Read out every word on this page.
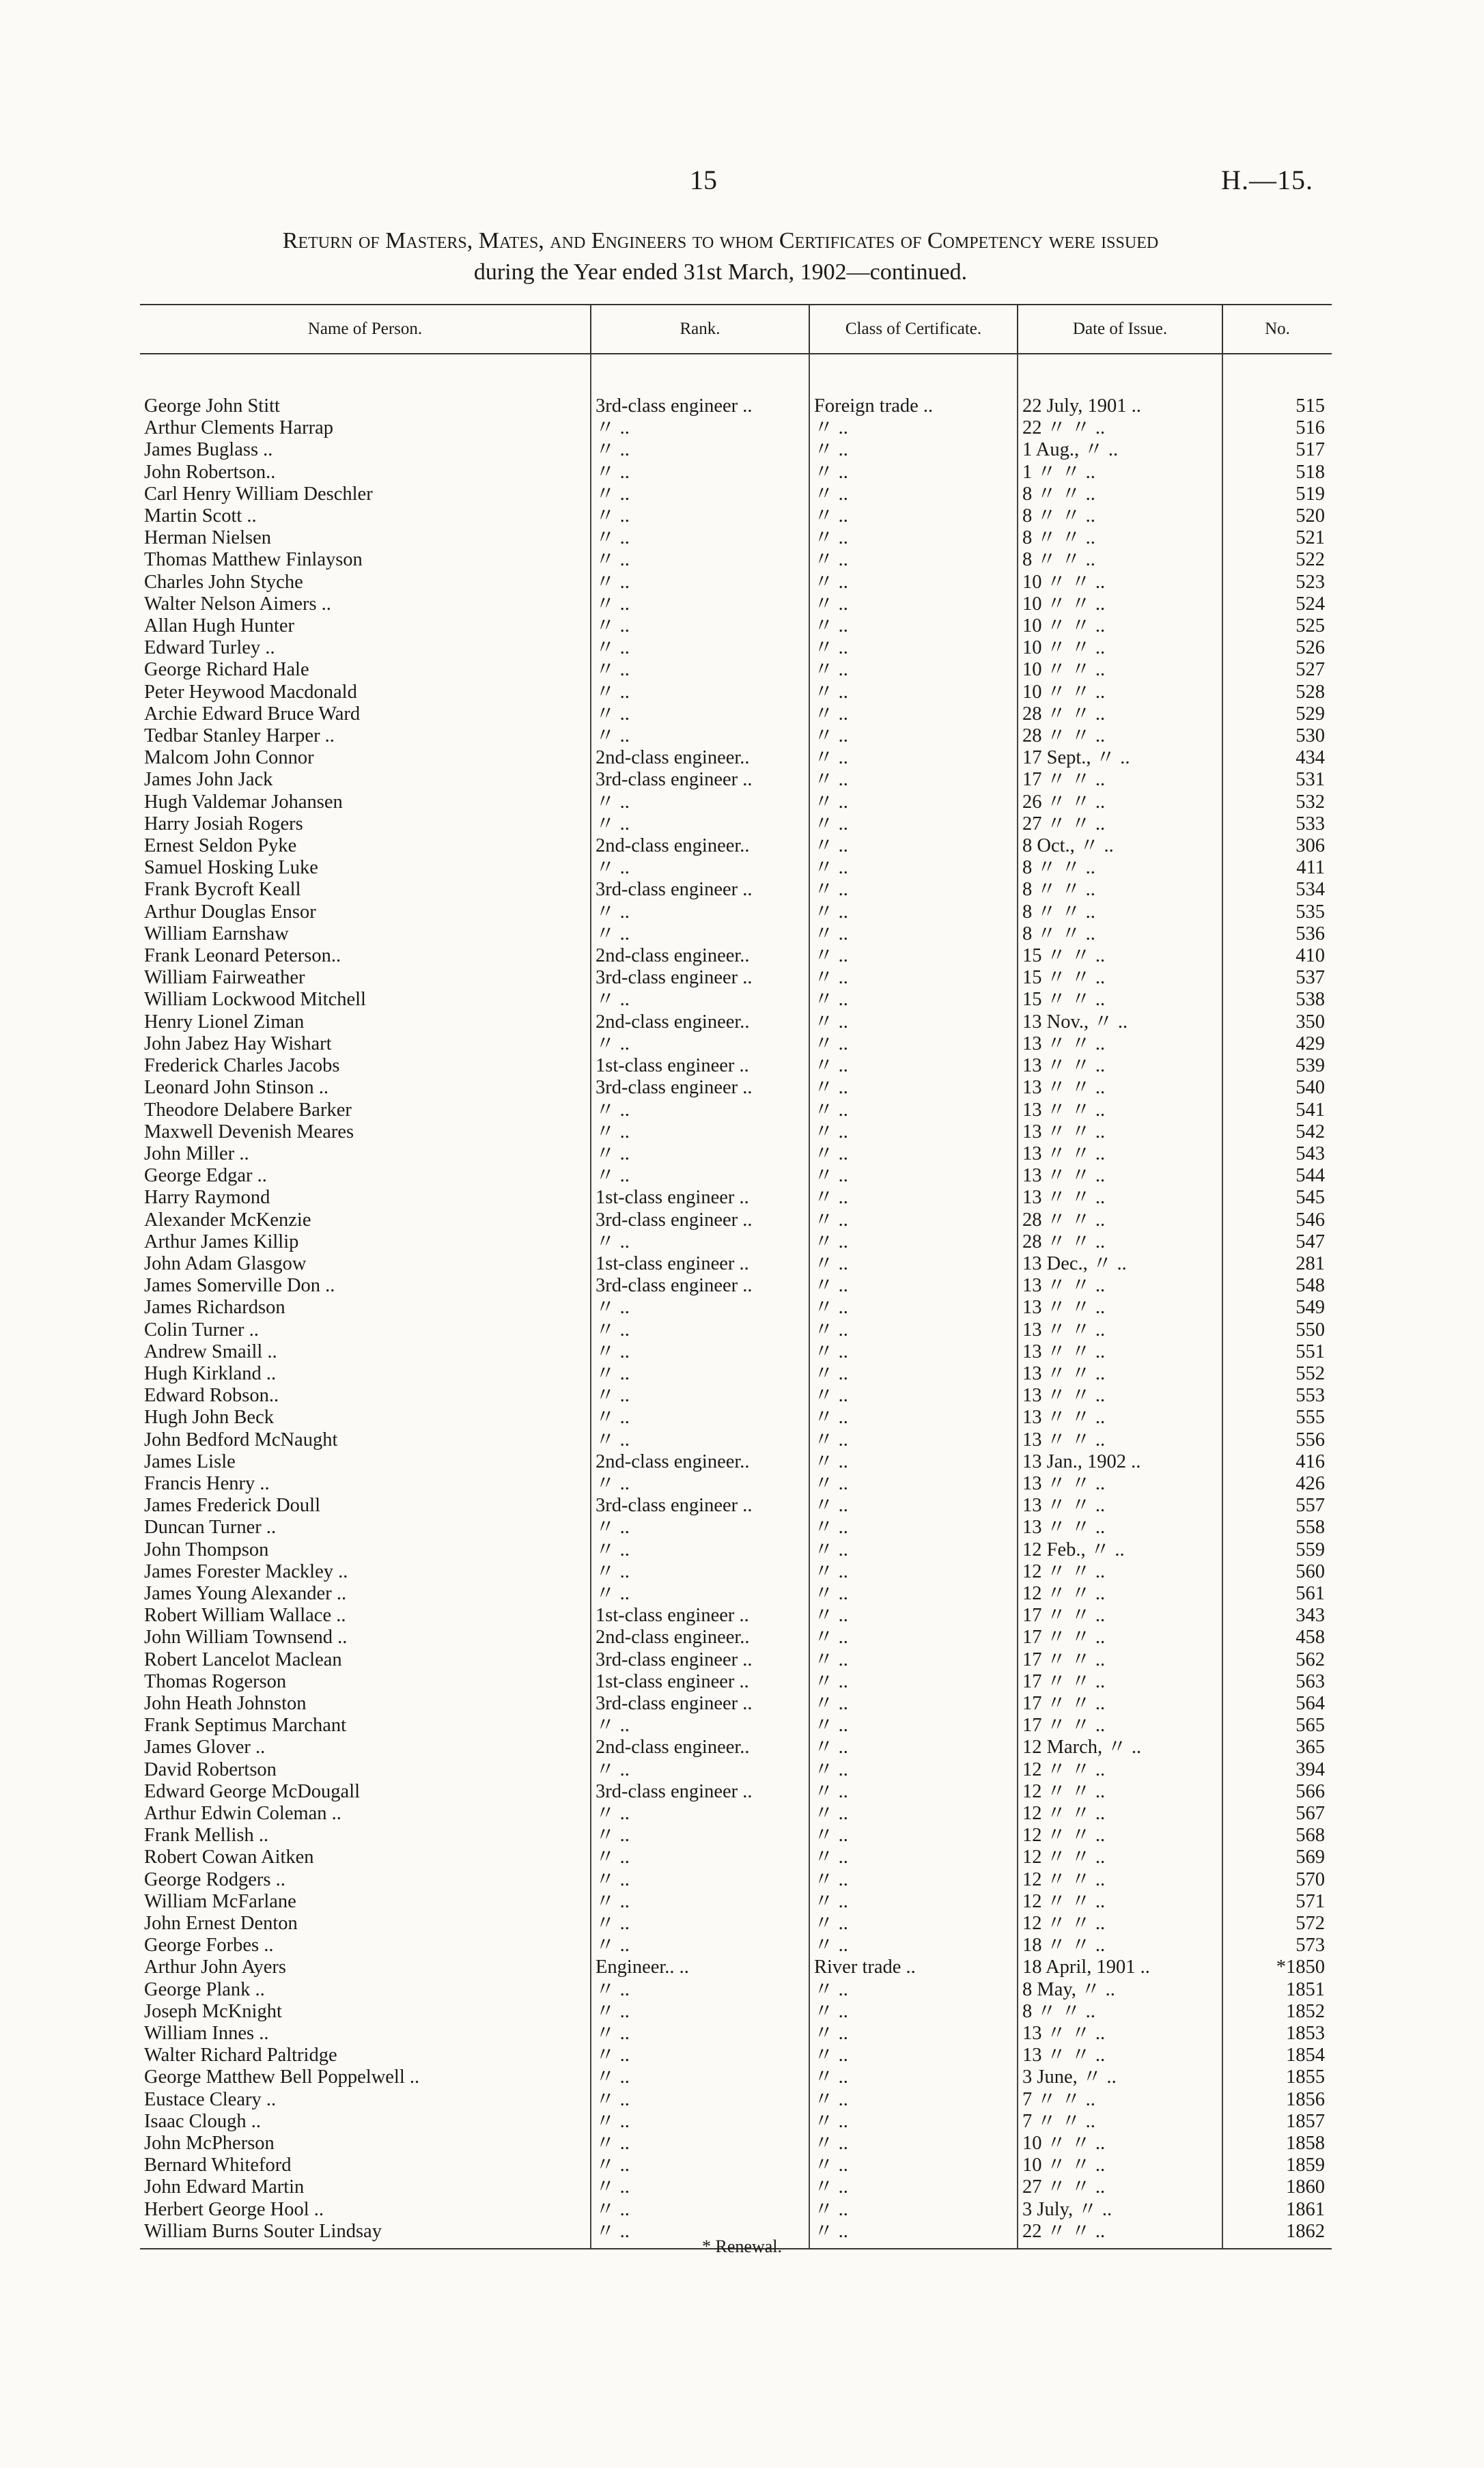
15	H.—15.
Return of Masters, Mates, and Engineers to whom Certificates of Competency were issued
during the Year ended 31st March, 1902—continued.
Name of Person.	Rank.	Class of Certificate.	Date of Issue.	No.

George John Stitt	3rd-class engineer ..	Foreign trade ..	22 July, 1901 ..	515
Arthur Clements Harrap	〃 ..	〃 ..	22 〃 〃 ..	516
James Buglass ..	〃 ..	〃 ..	1 Aug., 〃 ..	517
John Robertson..	〃 ..	〃 ..	1 〃 〃 ..	518
Carl Henry William Deschler	〃 ..	〃 ..	8 〃 〃 ..	519
Martin Scott ..	〃 ..	〃 ..	8 〃 〃 ..	520
Herman Nielsen	〃 ..	〃 ..	8 〃 〃 ..	521
Thomas Matthew Finlayson	〃 ..	〃 ..	8 〃 〃 ..	522
Charles John Styche	〃 ..	〃 ..	10 〃 〃 ..	523
Walter Nelson Aimers ..	〃 ..	〃 ..	10 〃 〃 ..	524
Allan Hugh Hunter	〃 ..	〃 ..	10 〃 〃 ..	525
Edward Turley ..	〃 ..	〃 ..	10 〃 〃 ..	526
George Richard Hale	〃 ..	〃 ..	10 〃 〃 ..	527
Peter Heywood Macdonald	〃 ..	〃 ..	10 〃 〃 ..	528
Archie Edward Bruce Ward	〃 ..	〃 ..	28 〃 〃 ..	529
Tedbar Stanley Harper ..	〃 ..	〃 ..	28 〃 〃 ..	530
Malcom John Connor	2nd-class engineer..	〃 ..	17 Sept., 〃 ..	434
James John Jack	3rd-class engineer ..	〃 ..	17 〃 〃 ..	531
Hugh Valdemar Johansen	〃 ..	〃 ..	26 〃 〃 ..	532
Harry Josiah Rogers	〃 ..	〃 ..	27 〃 〃 ..	533
Ernest Seldon Pyke	2nd-class engineer..	〃 ..	8 Oct., 〃 ..	306
Samuel Hosking Luke	〃 ..	〃 ..	8 〃 〃 ..	411
Frank Bycroft Keall	3rd-class engineer ..	〃 ..	8 〃 〃 ..	534
Arthur Douglas Ensor	〃 ..	〃 ..	8 〃 〃 ..	535
William Earnshaw	〃 ..	〃 ..	8 〃 〃 ..	536
Frank Leonard Peterson..	2nd-class engineer..	〃 ..	15 〃 〃 ..	410
William Fairweather	3rd-class engineer ..	〃 ..	15 〃 〃 ..	537
William Lockwood Mitchell	〃 ..	〃 ..	15 〃 〃 ..	538
Henry Lionel Ziman	2nd-class engineer..	〃 ..	13 Nov., 〃 ..	350
John Jabez Hay Wishart	〃 ..	〃 ..	13 〃 〃 ..	429
Frederick Charles Jacobs	1st-class engineer ..	〃 ..	13 〃 〃 ..	539
Leonard John Stinson ..	3rd-class engineer ..	〃 ..	13 〃 〃 ..	540
Theodore Delabere Barker	〃 ..	〃 ..	13 〃 〃 ..	541
Maxwell Devenish Meares	〃 ..	〃 ..	13 〃 〃 ..	542
John Miller ..	〃 ..	〃 ..	13 〃 〃 ..	543
George Edgar ..	〃 ..	〃 ..	13 〃 〃 ..	544
Harry Raymond	1st-class engineer ..	〃 ..	13 〃 〃 ..	545
Alexander McKenzie	3rd-class engineer ..	〃 ..	28 〃 〃 ..	546
Arthur James Killip	〃 ..	〃 ..	28 〃 〃 ..	547
John Adam Glasgow	1st-class engineer ..	〃 ..	13 Dec., 〃 ..	281
James Somerville Don ..	3rd-class engineer ..	〃 ..	13 〃 〃 ..	548
James Richardson	〃 ..	〃 ..	13 〃 〃 ..	549
Colin Turner ..	〃 ..	〃 ..	13 〃 〃 ..	550
Andrew Smaill ..	〃 ..	〃 ..	13 〃 〃 ..	551
Hugh Kirkland ..	〃 ..	〃 ..	13 〃 〃 ..	552
Edward Robson..	〃 ..	〃 ..	13 〃 〃 ..	553
Hugh John Beck	〃 ..	〃 ..	13 〃 〃 ..	555
John Bedford McNaught	〃 ..	〃 ..	13 〃 〃 ..	556
James Lisle	2nd-class engineer..	〃 ..	13 Jan., 1902 ..	416
Francis Henry ..	〃 ..	〃 ..	13 〃 〃 ..	426
James Frederick Doull	3rd-class engineer ..	〃 ..	13 〃 〃 ..	557
Duncan Turner ..	〃 ..	〃 ..	13 〃 〃 ..	558
John Thompson	〃 ..	〃 ..	12 Feb., 〃 ..	559
James Forester Mackley ..	〃 ..	〃 ..	12 〃 〃 ..	560
James Young Alexander ..	〃 ..	〃 ..	12 〃 〃 ..	561
Robert William Wallace ..	1st-class engineer ..	〃 ..	17 〃 〃 ..	343
John William Townsend ..	2nd-class engineer..	〃 ..	17 〃 〃 ..	458
Robert Lancelot Maclean	3rd-class engineer ..	〃 ..	17 〃 〃 ..	562
Thomas Rogerson	1st-class engineer ..	〃 ..	17 〃 〃 ..	563
John Heath Johnston	3rd-class engineer ..	〃 ..	17 〃 〃 ..	564
Frank Septimus Marchant	〃 ..	〃 ..	17 〃 〃 ..	565
James Glover ..	2nd-class engineer..	〃 ..	12 March, 〃 ..	365
David Robertson	〃 ..	〃 ..	12 〃 〃 ..	394
Edward George McDougall	3rd-class engineer ..	〃 ..	12 〃 〃 ..	566
Arthur Edwin Coleman ..	〃 ..	〃 ..	12 〃 〃 ..	567
Frank Mellish ..	〃 ..	〃 ..	12 〃 〃 ..	568
Robert Cowan Aitken	〃 ..	〃 ..	12 〃 〃 ..	569
George Rodgers ..	〃 ..	〃 ..	12 〃 〃 ..	570
William McFarlane	〃 ..	〃 ..	12 〃 〃 ..	571
John Ernest Denton	〃 ..	〃 ..	12 〃 〃 ..	572
George Forbes ..	〃 ..	〃 ..	18 〃 〃 ..	573
Arthur John Ayers	Engineer.. ..	River trade ..	18 April, 1901 ..	*1850
George Plank ..	〃 ..	〃 ..	8 May, 〃 ..	1851
Joseph McKnight	〃 ..	〃 ..	8 〃 〃 ..	1852
William Innes ..	〃 ..	〃 ..	13 〃 〃 ..	1853
Walter Richard Paltridge	〃 ..	〃 ..	13 〃 〃 ..	1854
George Matthew Bell Poppelwell ..	〃 ..	〃 ..	3 June, 〃 ..	1855
Eustace Cleary ..	〃 ..	〃 ..	7 〃 〃 ..	1856
Isaac Clough ..	〃 ..	〃 ..	7 〃 〃 ..	1857
John McPherson	〃 ..	〃 ..	10 〃 〃 ..	1858
Bernard Whiteford	〃 ..	〃 ..	10 〃 〃 ..	1859
John Edward Martin	〃 ..	〃 ..	27 〃 〃 ..	1860
Herbert George Hool ..	〃 ..	〃 ..	3 July, 〃 ..	1861
William Burns Souter Lindsay	〃 ..	〃 ..	22 〃 〃 ..	1862
* Renewal.
